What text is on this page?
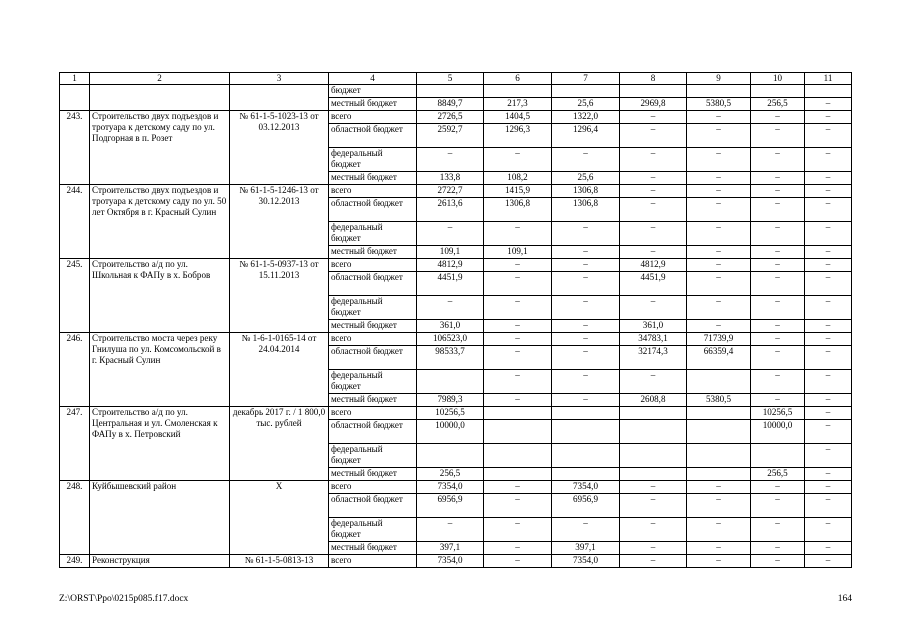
1	2	3	4	5	6	7	8	9	10	11
			бюджет							
			местный бюджет	8849,7	217,3	25,6	2969,8	5380,5	256,5	–
243.	Строительство двух подъездов и тротуара к детскому саду по ул. Подгорная в п. Розет	№ 61-1-5-1023-13 от 03.12.2013	всего	2726,5	1404,5	1322,0	–	–	–	–
			областной бюджет	2592,7	1296,3	1296,4	–	–	–	–
			федеральный бюджет	–	–	–	–	–	–	–
			местный бюджет	133,8	108,2	25,6	–	–	–	–
244.	Строительство двух подъездов и тротуара к детскому саду по ул. 50 лет Октября в г. Красный Сулин	№ 61-1-5-1246-13 от 30.12.2013	всего	2722,7	1415,9	1306,8	–	–	–	–
			областной бюджет	2613,6	1306,8	1306,8	–	–	–	–
			федеральный бюджет	–	–	–	–	–	–	–
			местный бюджет	109,1	109,1	–	–	–	–	–
245.	Строительство а/д по ул. Школьная к ФАПу в х. Бобров	№ 61-1-5-0937-13 от 15.11.2013	всего	4812,9	–	–	4812,9	–	–	–
			областной бюджет	4451,9	–	–	4451,9	–	–	–
			федеральный бюджет	–	–	–	–	–	–	–
			местный бюджет	361,0	–	–	361,0	–	–	–
246.	Строительство моста через реку Гнилуша по ул. Комсомольской в г. Красный Сулин	№ 1-6-1-0165-14 от 24.04.2014	всего	106523,0	–	–	34783,1	71739,9	–	–
			областной бюджет	98533,7	–	–	32174,3	66359,4	–	–
			федеральный бюджет		–	–	–		–	–
			местный бюджет	7989,3	–	–	2608,8	5380,5	–	–
247.	Строительство а/д по ул. Центральная и ул. Смоленская к ФАПу в х. Петровский	декабрь 2017 г. / 1 800,0 тыс. рублей	всего	10256,5					10256,5	–
			областной бюджет	10000,0					10000,0	–
			федеральный бюджет							–
			местный бюджет	256,5					256,5	–
248.	Куйбышевский район	X	всего	7354,0	–	7354,0	–	–	–	–
			областной бюджет	6956,9	–	6956,9	–	–	–	–
			федеральный бюджет	–	–	–	–	–	–	–
			местный бюджет	397,1	–	397,1	–	–	–	–
249.	Реконструкция	№ 61-1-5-0813-13	всего	7354,0	–	7354,0	–	–	–	–
Z:\ORST\Ppo\0215p085.f17.docx	164
